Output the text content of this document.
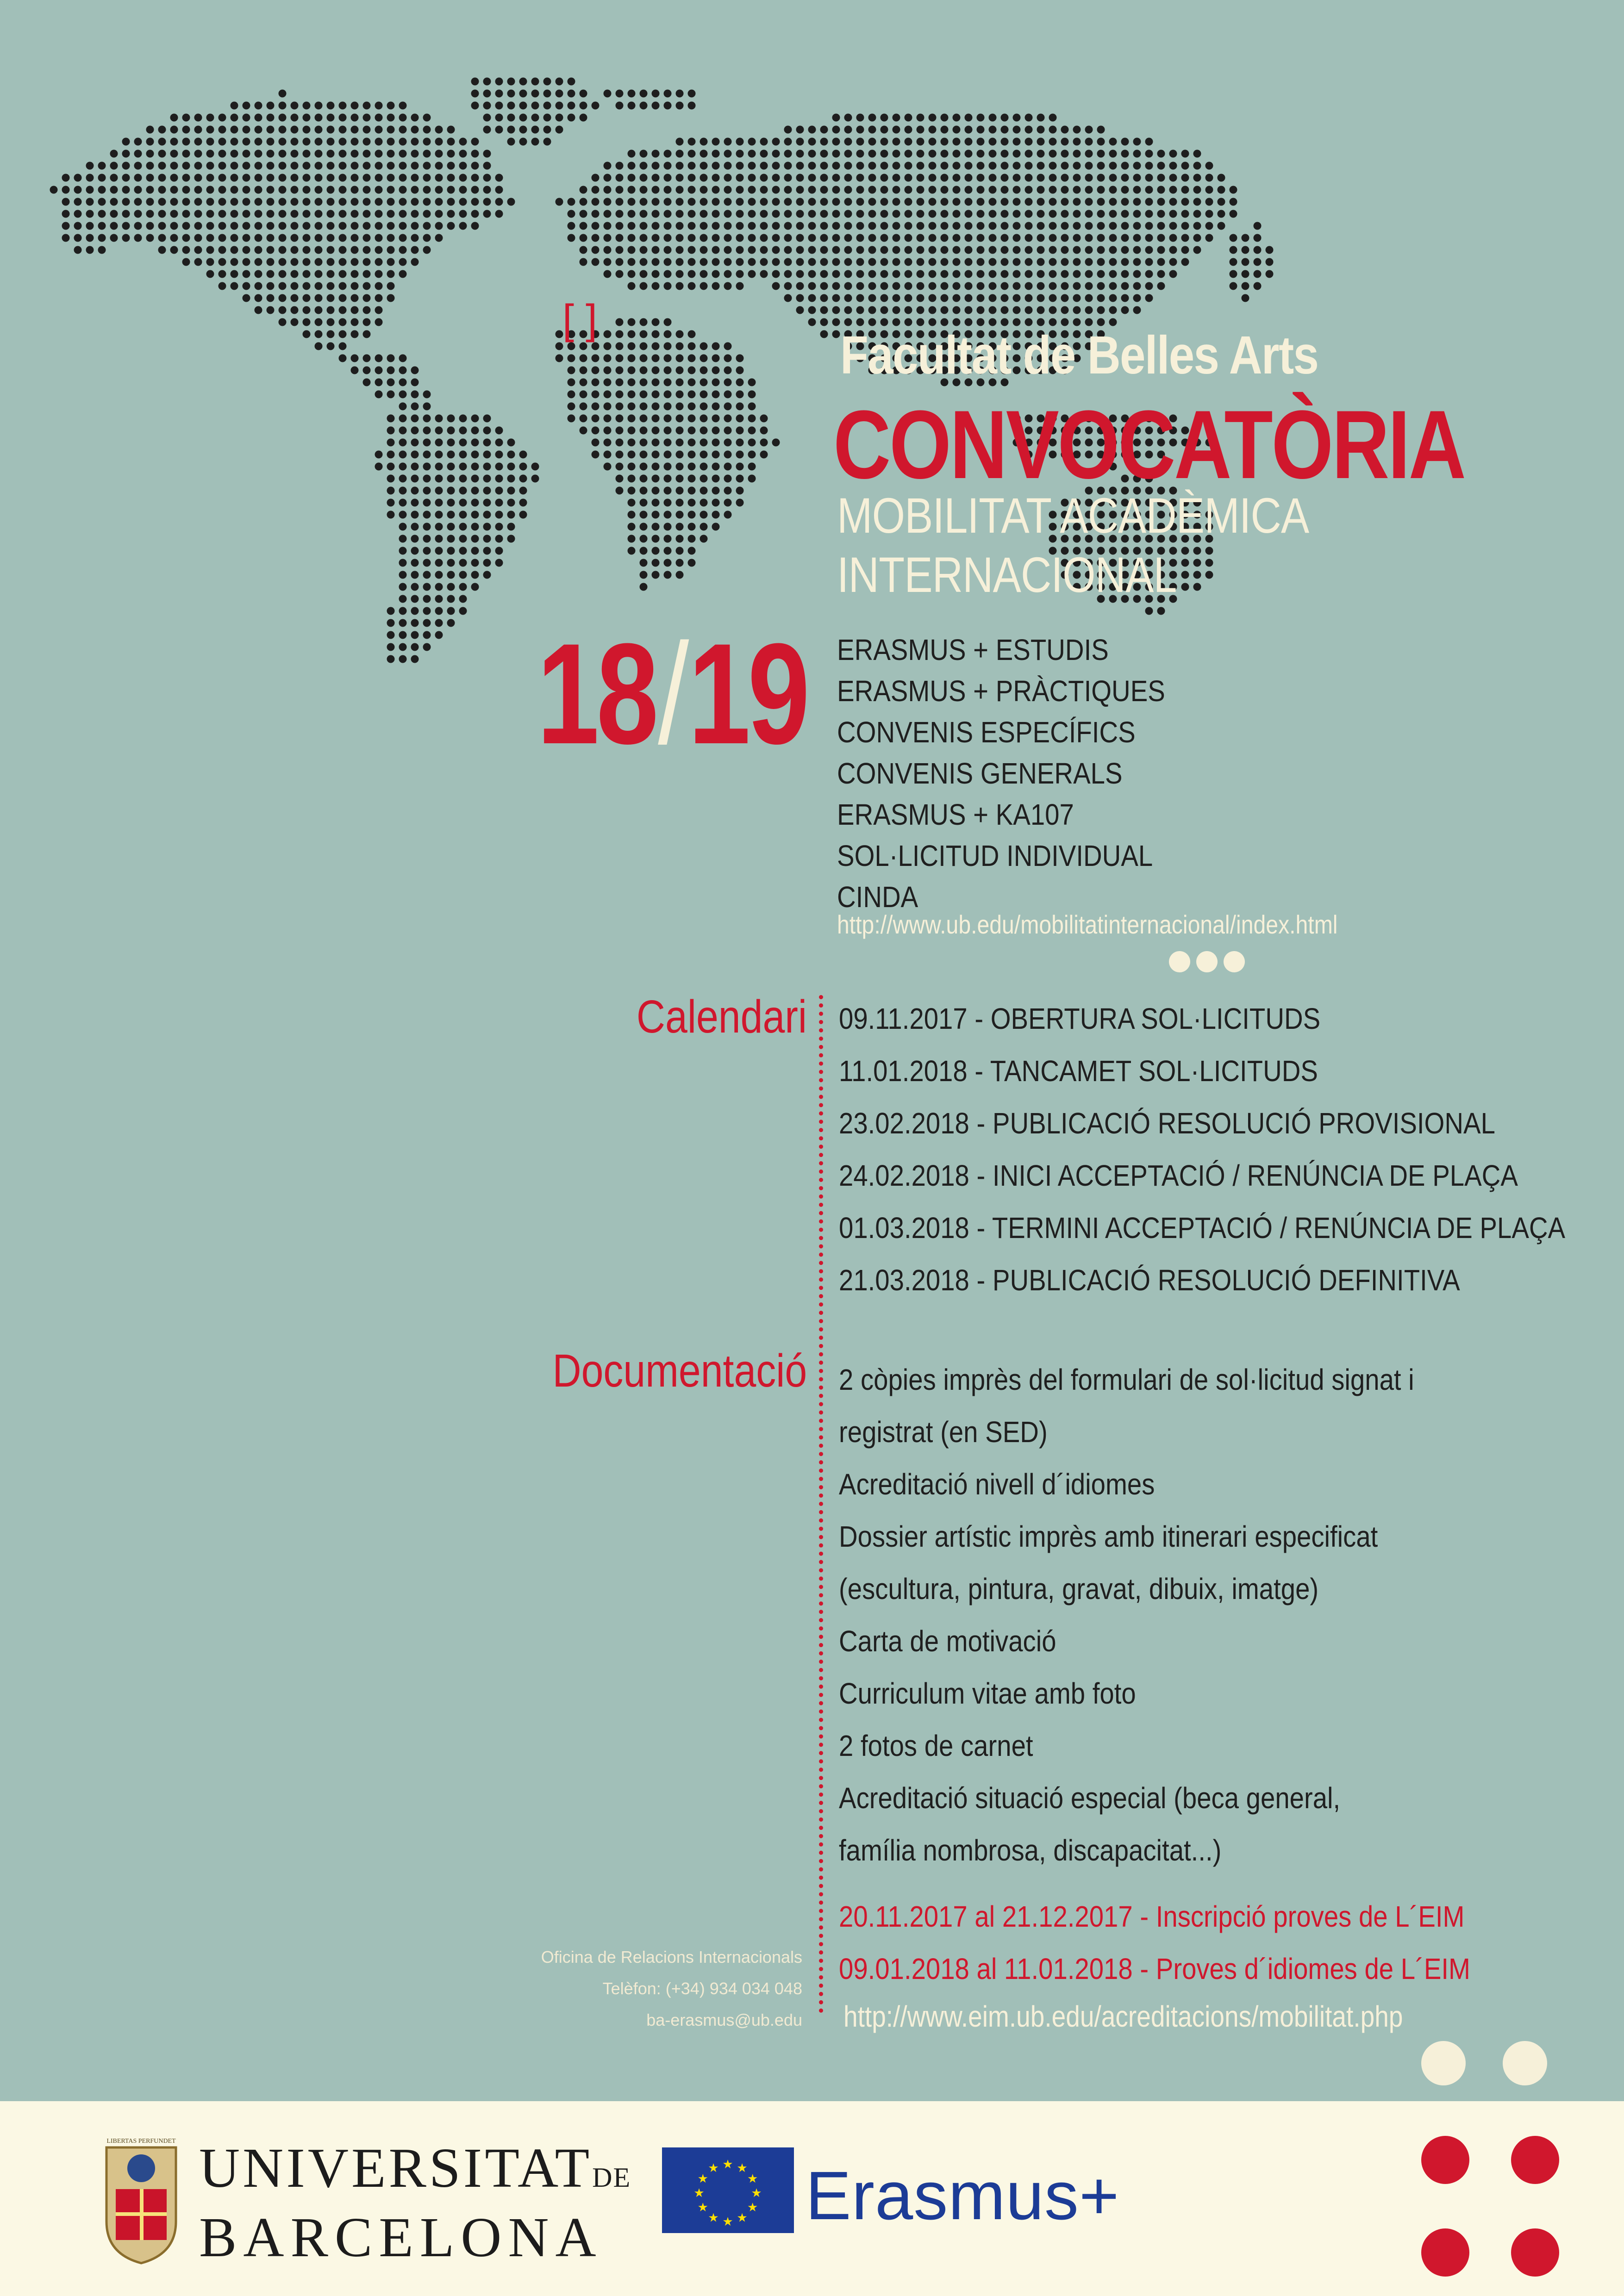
[ ]
Facultat de Belles Arts
CONVOCATÒRIA
MOBILITAT ACADÈMICA
INTERNACIONAL
18/19	ERASMUS + ESTUDIS
ERASMUS + PRÀCTIQUES
CONVENIS ESPECÍFICS
CONVENIS GENERALS
ERASMUS + KA107
SOL·LICITUD INDIVIDUAL
CINDA
http://www.ub.edu/mobilitatinternacional/index.html
Calendari
Documentació
09.11.2017 - OBERTURA SOL·LICITUDS
11.01.2018 - TANCAMET SOL·LICITUDS
23.02.2018 - PUBLICACIÓ RESOLUCIÓ PROVISIONAL
24.02.2018 - INICI ACCEPTACIÓ / RENÚNCIA DE PLAÇA
01.03.2018 - TERMINI ACCEPTACIÓ / RENÚNCIA DE PLAÇA
21.03.2018 - PUBLICACIÓ RESOLUCIÓ DEFINITIVA
2 còpies imprès del formulari de sol·licitud signat i
registrat (en SED)
Acreditació nivell d´idiomes
Dossier artístic imprès amb itinerari especificat
(escultura, pintura, gravat, dibuix, imatge)
Carta de motivació
Curriculum vitae amb foto
2 fotos de carnet
Acreditació situació especial (beca general,
família nombrosa, discapacitat...)
20.11.2017 al 21.12.2017 - Inscripció proves de L´EIM
09.01.2018 al 11.01.2018 - Proves d´idiomes de L´EIM
http://www.eim.ub.edu/acreditacions/mobilitat.php
Oficina de Relacions Internacionals
Telèfon: (+34) 934 034 048
ba-erasmus@ub.edu
LIBERTAS PERFUNDET UNIVERSITATDE
BARCELONA
★ ★
★
★
★
★
★
★
★
★
★
★ Erasmus+
